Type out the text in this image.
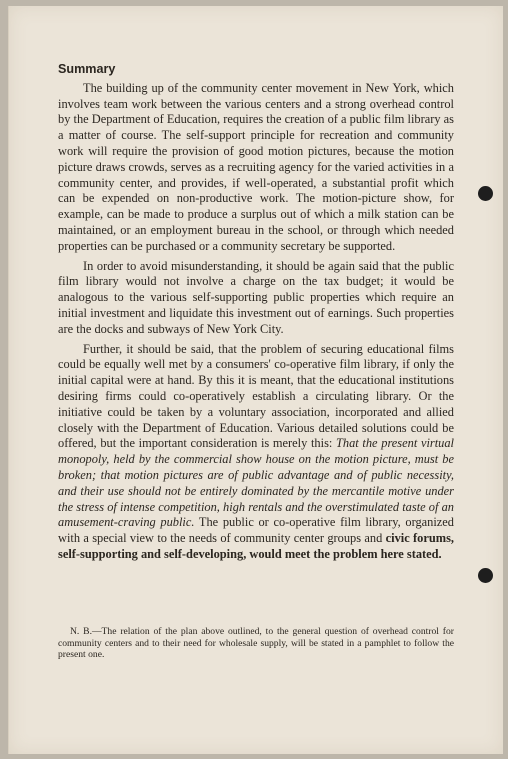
Summary

The building up of the community center movement in New York, which involves team work between the various centers and a strong overhead control by the Department of Education, requires the creation of a public film library as a matter of course. The self-support principle for recreation and community work will require the provision of good motion pictures, because the motion picture draws crowds, serves as a recruiting agency for the varied activities in a community center, and provides, if well-operated, a substantial profit which can be expended on non-productive work. The motion-picture show, for example, can be made to produce a surplus out of which a milk station can be maintained, or an employment bureau in the school, or through which needed properties can be purchased or a community secretary be supported.

In order to avoid misunderstanding, it should be again said that the public film library would not involve a charge on the tax budget; it would be analogous to the various self-supporting public properties which require an initial investment and liquidate this investment out of earnings. Such properties are the docks and subways of New York City.

Further, it should be said, that the problem of securing educational films could be equally well met by a consumers' co-operative film library, if only the initial capital were at hand. By this it is meant, that the educational institutions desiring firms could co-operatively establish a circulating library. Or the initiative could be taken by a voluntary association, incorporated and allied closely with the Department of Education. Various detailed solutions could be offered, but the important consideration is merely this: That the present virtual monopoly, held by the commercial show house on the motion picture, must be broken; that motion pictures are of public advantage and of public necessity, and their use should not be entirely dominated by the mercantile motive under the stress of intense competition, high rentals and the overstimulated taste of an amusement-craving public. The public or co-operative film library, organized with a special view to the needs of community center groups and civic forums, self-supporting and self-developing, would meet the problem here stated.

N. B.—The relation of the plan above outlined, to the general question of overhead control for community centers and to their need for wholesale supply, will be stated in a pamphlet to follow the present one.
